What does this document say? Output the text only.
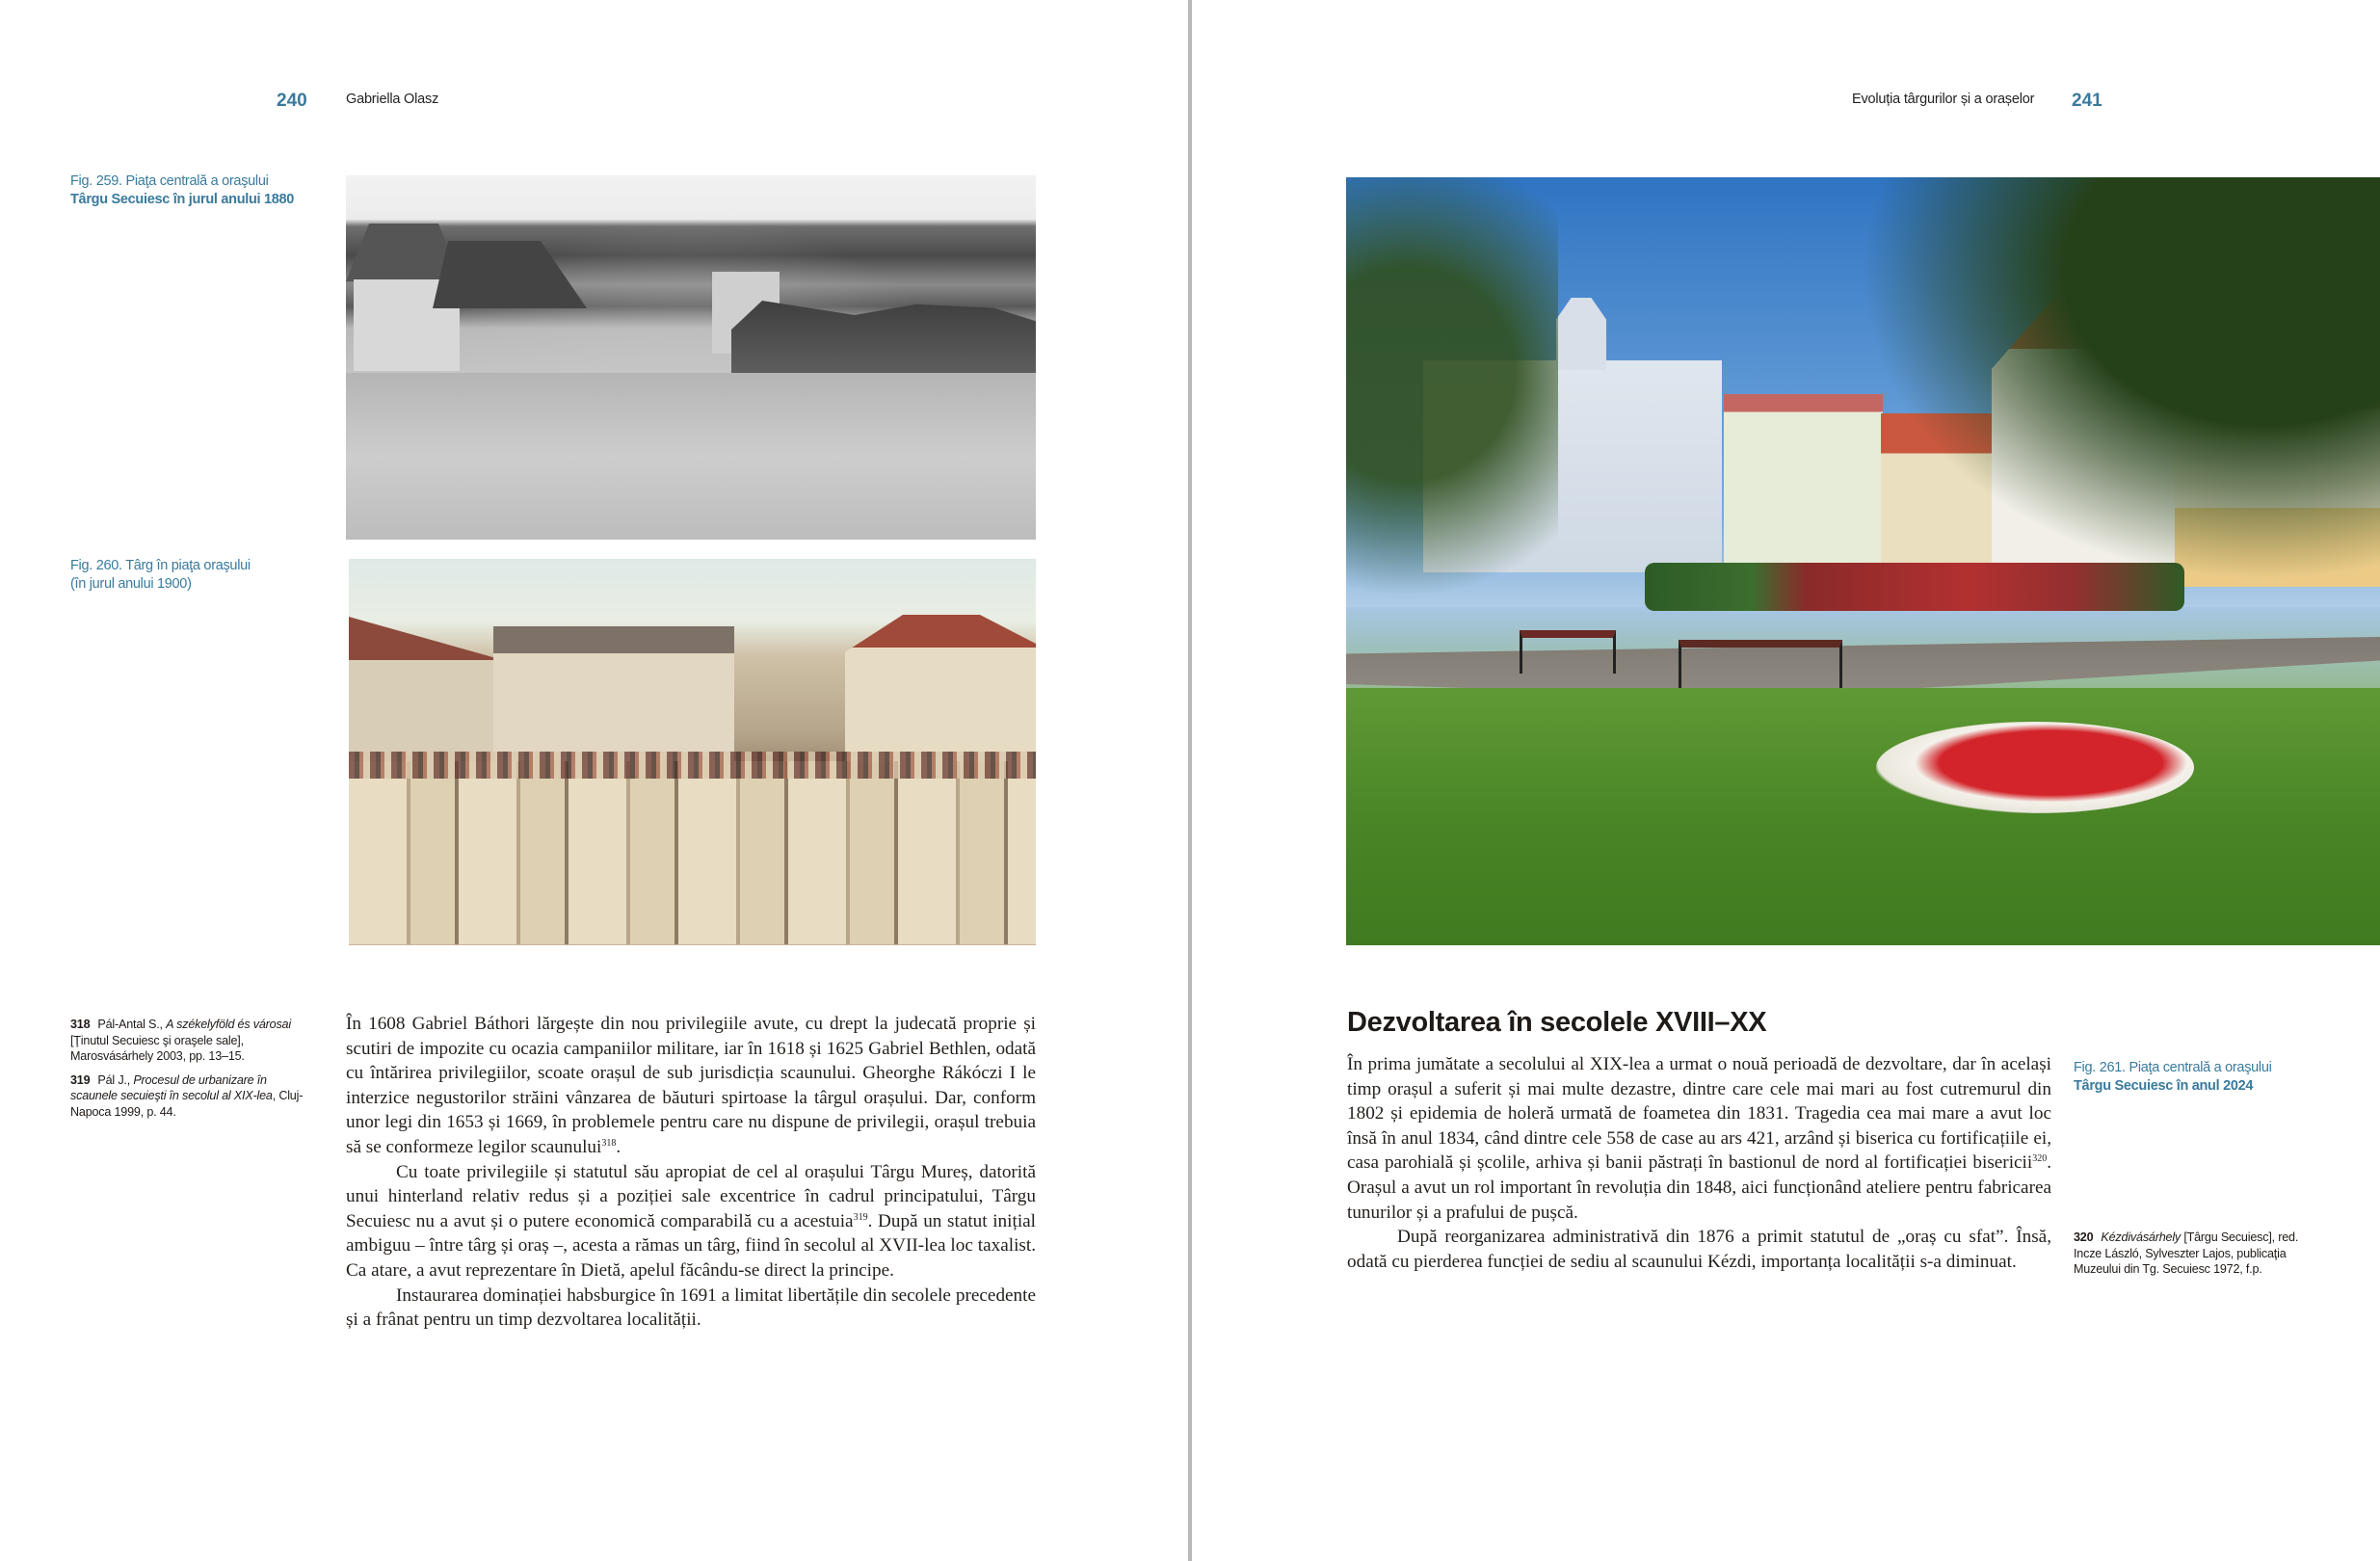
240	Gabriella Olasz
Fig. 259. Piaţa centrală a oraşului
Târgu Secuiesc în jurul anului 1880
Fig. 260. Târg în piaţa oraşului
(în jurul anului 1900)
318 Pál-Antal S., A székelyföld és városai [Ţinutul Secuiesc şi oraşele sale], Marosvásárhely 2003, pp. 13–15.
319 Pál J., Procesul de urbanizare în scaunele secuieşti în secolul al XIX-lea, Cluj-Napoca 1999, p. 44.

În 1608 Gabriel Báthori lărgește din nou privilegiile avute, cu drept la judecată proprie și scutiri de impozite cu ocazia campaniilor militare, iar în 1618 și 1625 Gabriel Bethlen, odată cu întărirea privilegiilor, scoate orașul de sub jurisdicția scaunului. Gheorghe Rákóczi I le interzice negustorilor străini vânzarea de băuturi spirtoase la târgul orașului. Dar, conform unor legi din 1653 și 1669, în problemele pentru care nu dispune de privilegii, orașul trebuia să se conformeze legilor scaunului$^{318}$.

Cu toate privilegiile și statutul său apropiat de cel al orașului Târgu Mureș, datorită unui hinterland relativ redus și a poziției sale excentrice în cadrul principatului, Târgu Secuiesc nu a avut și o putere economică comparabilă cu a acestuia$^{319}$. După un statut inițial ambiguu – între târg și oraș –, acesta a rămas un târg, fiind în secolul al XVII-lea loc taxalist. Ca atare, a avut reprezentare în Dietă, apelul făcându-se direct la principe.

Instaurarea dominației habsburgice în 1691 a limitat libertățile din secolele precedente și a frânat pentru un timp dezvoltarea localității.

Evoluția târgurilor și a orașelor 241
Dezvoltarea în secolele XVIII–XX

În prima jumătate a secolului al XIX-lea a urmat o nouă perioadă de dezvoltare, dar în același timp orașul a suferit și mai multe dezastre, dintre care cele mai mari au fost cutremurul din 1802 și epidemia de holeră urmată de foametea din 1831. Tragedia cea mai mare a avut loc însă în anul 1834, când dintre cele 558 de case au ars 421, arzând și biserica cu fortificațiile ei, casa parohială și școlile, arhiva și banii păstrați în bastionul de nord al fortificației bisericii$^{320}$. Orașul a avut un rol important în revoluția din 1848, aici funcționând ateliere pentru fabricarea tunurilor și a prafului de pușcă.

După reorganizarea administrativă din 1876 a primit statutul de „oraș cu sfat”. Însă, odată cu pierderea funcției de sediu al scaunului Kézdi, importanța localității s-a diminuat.

Fig. 261. Piaţa centrală a oraşului
Târgu Secuiesc în anul 2024
320 Kézdivásárhely [Târgu Secuiesc], red. Incze László, Sylveszter Lajos, publicaţia Muzeului din Tg. Secuiesc 1972, f.p.
